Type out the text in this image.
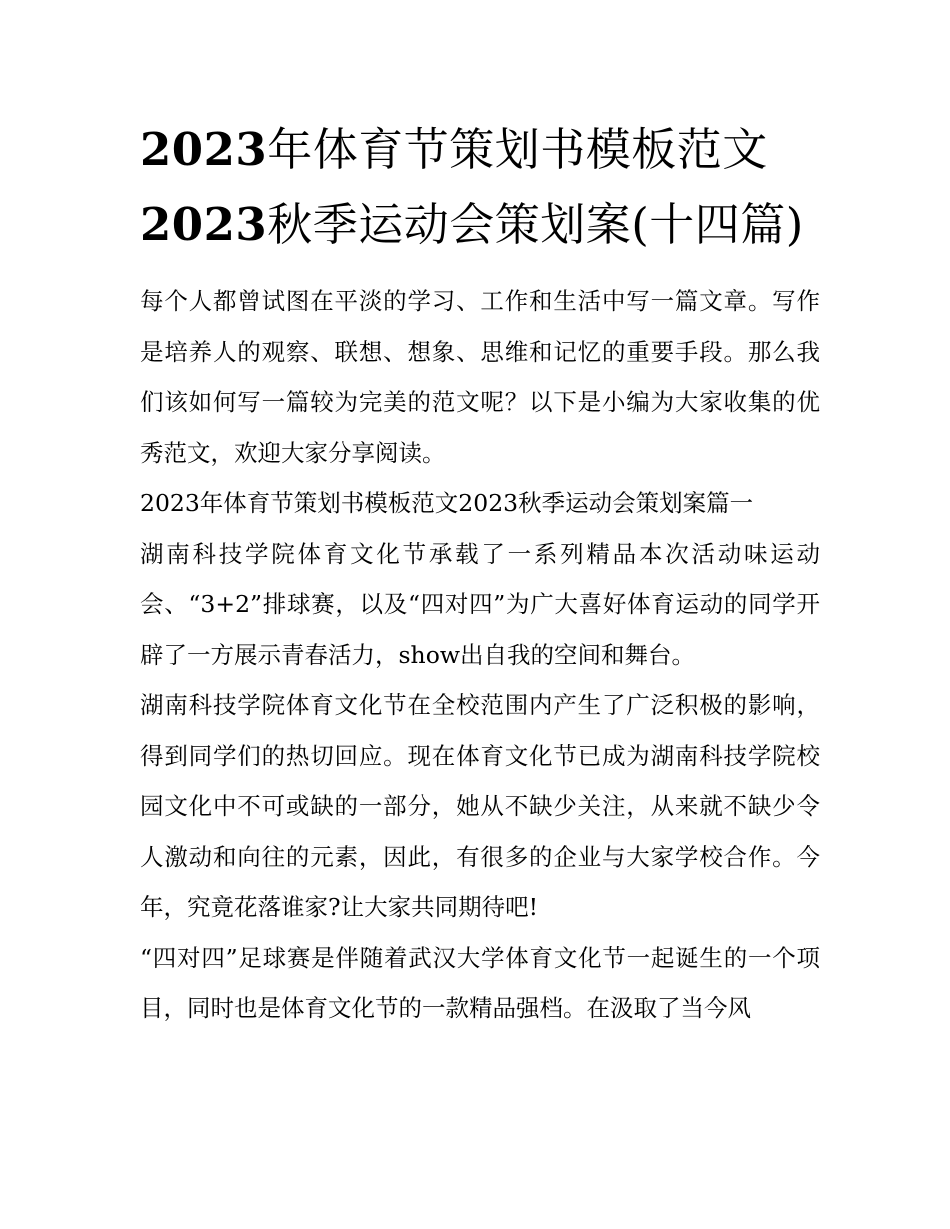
2023年体育节策划书模板范文
2023秋季运动会策划案(十四篇)

每个人都曾试图在平淡的学习、工作和生活中写一篇文章。写作是培养人的观察、联想、想象、思维和记忆的重要手段。那么我们该如何写一篇较为完美的范文呢？以下是小编为大家收集的优秀范文，欢迎大家分享阅读。

2023年体育节策划书模板范文2023秋季运动会策划案篇一

湖南科技学院体育文化节承载了一系列精品本次活动味运动会、“3+2”排球赛，以及“四对四”为广大喜好体育运动的同学开辟了一方展示青春活力，show出自我的空间和舞台。

湖南科技学院体育文化节在全校范围内产生了广泛积极的影响，得到同学们的热切回应。现在体育文化节已成为湖南科技学院校园文化中不可或缺的一部分，她从不缺少关注，从来就不缺少令人激动和向往的元素，因此，有很多的企业与大家学校合作。今年，究竟花落谁家?让大家共同期待吧!

“四对四”足球赛是伴随着武汉大学体育文化节一起诞生的一个项目，同时也是体育文化节的一款精品强档。在汲取了当今风
